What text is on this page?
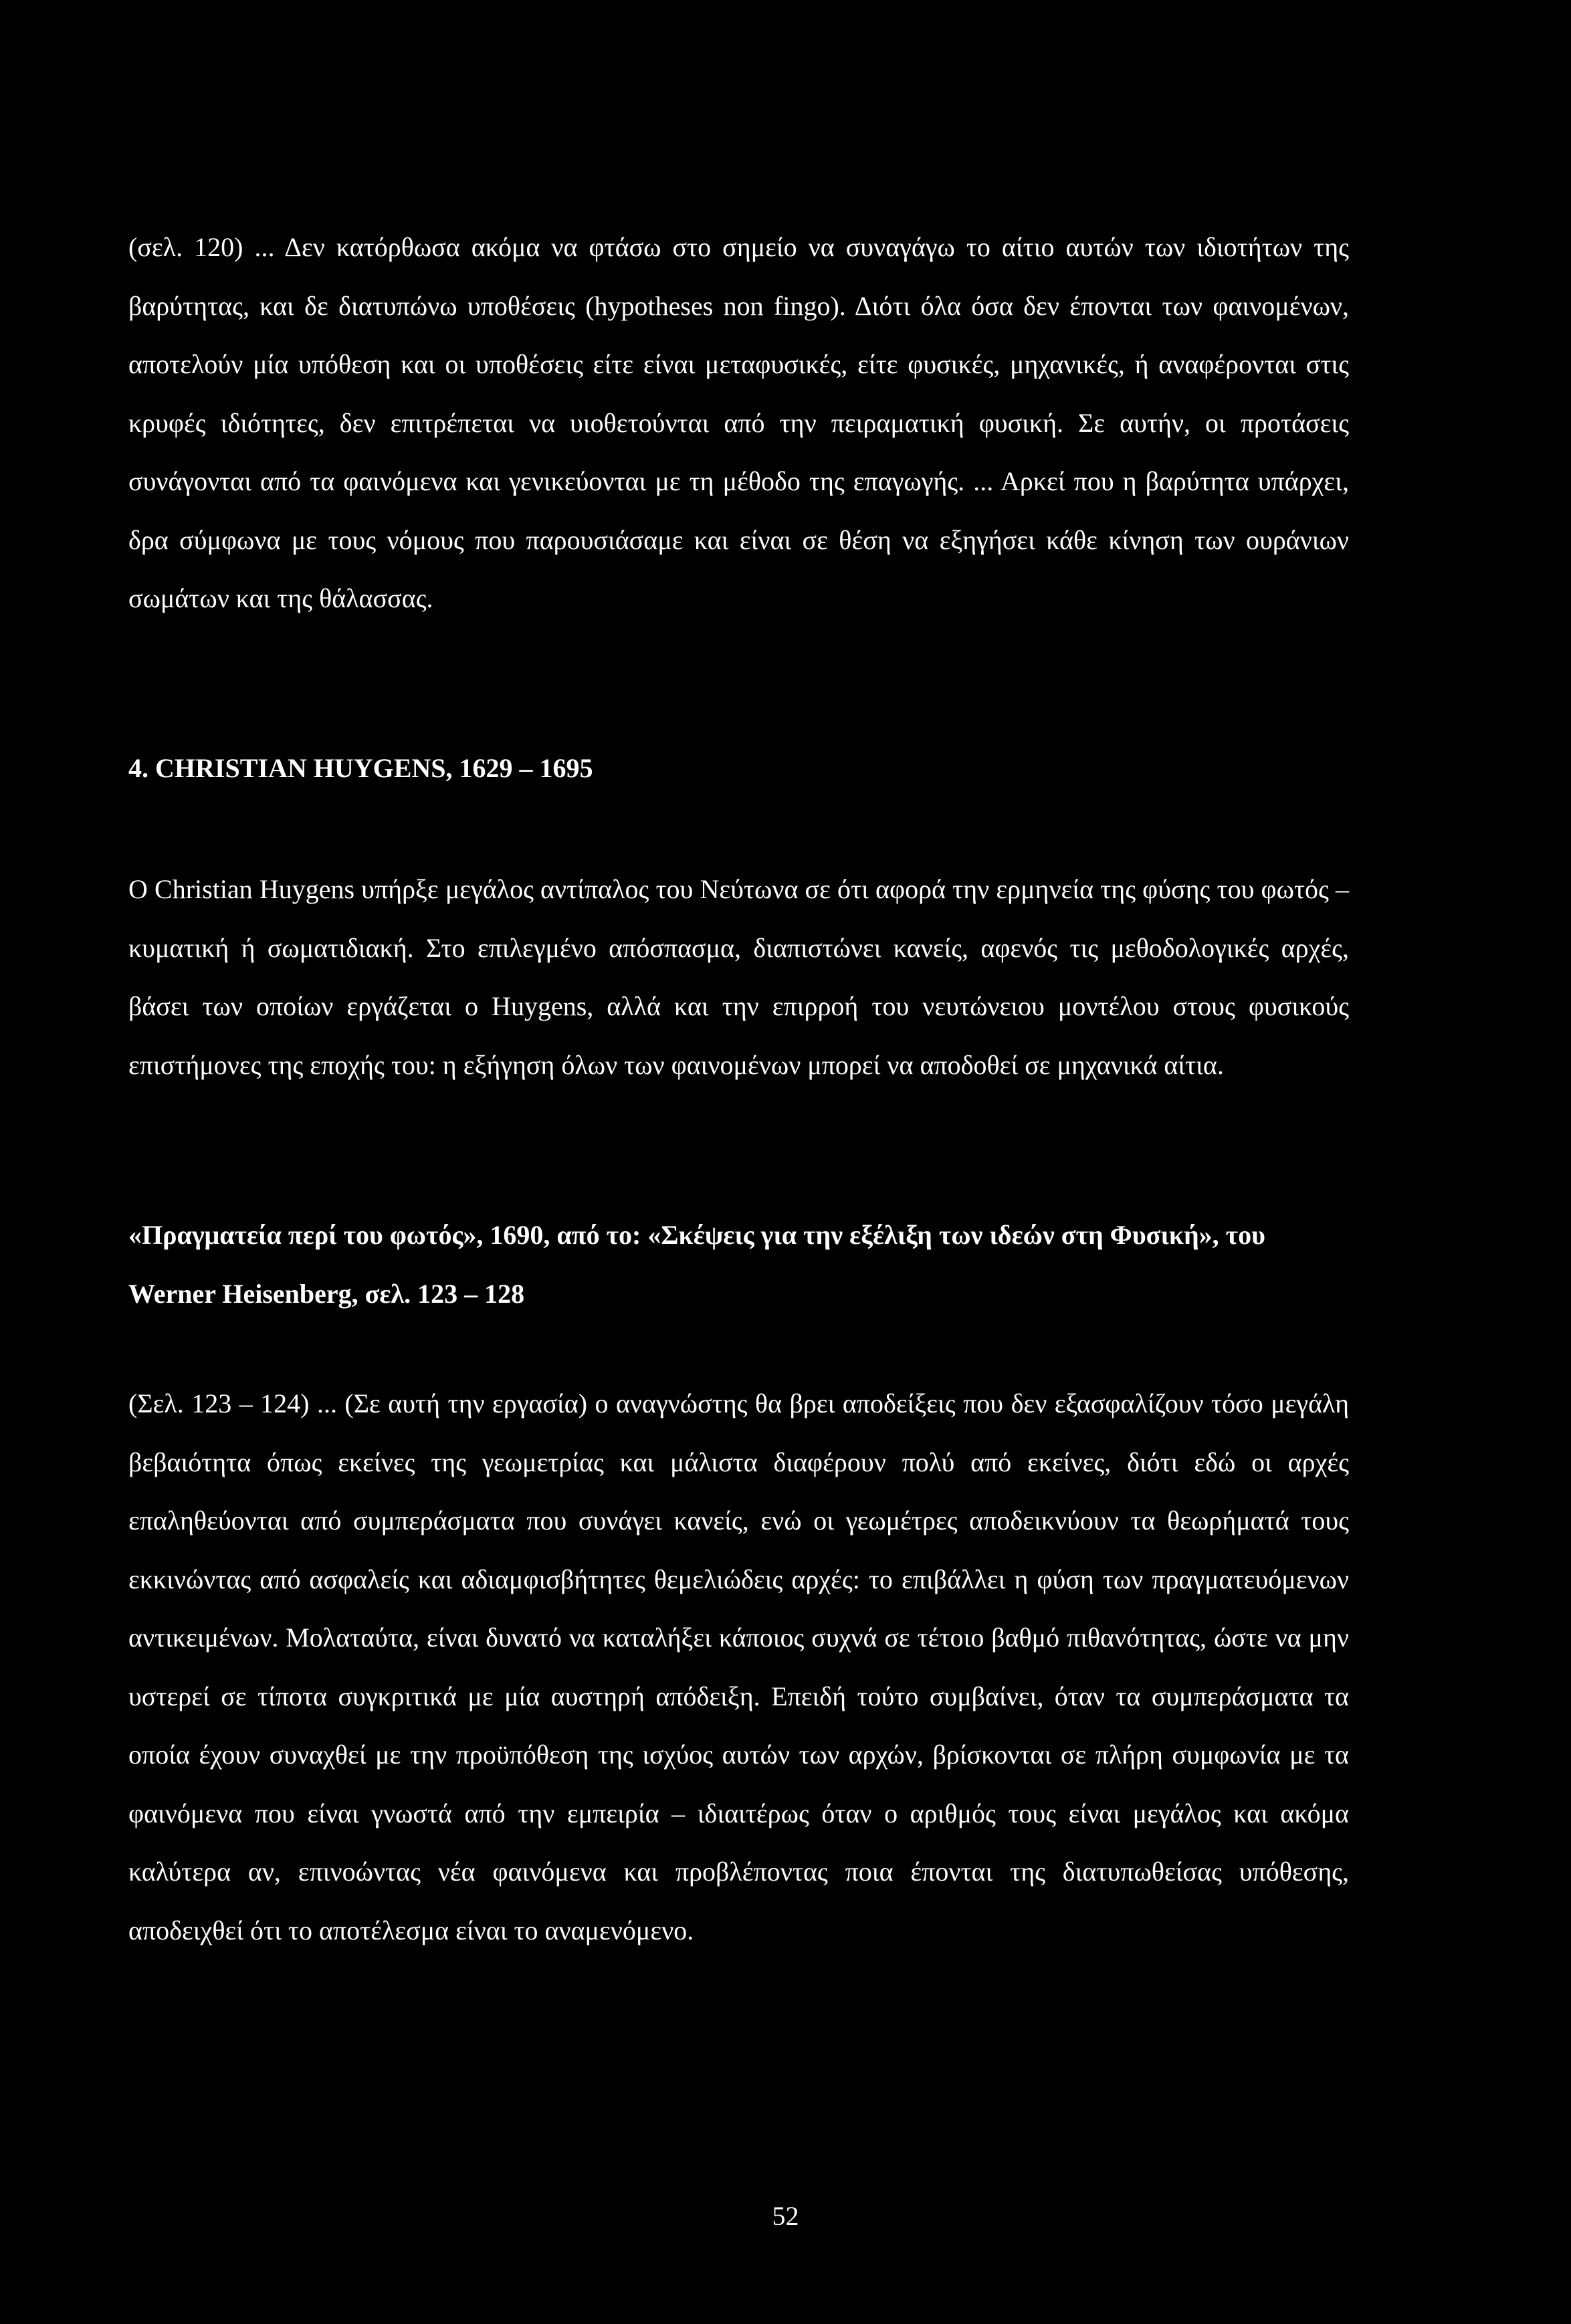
(σελ. 120) ... Δεν κατόρθωσα ακόμα να φτάσω στο σημείο να συναγάγω το αίτιο αυτών των ιδιοτήτων της βαρύτητας, και δε διατυπώνω υποθέσεις (hypotheses non fingo). Διότι όλα όσα δεν έπονται των φαινομένων, αποτελούν μία υπόθεση και οι υποθέσεις είτε είναι μεταφυσικές, είτε φυσικές, μηχανικές, ή αναφέρονται στις κρυφές ιδιότητες, δεν επιτρέπεται να υιοθετούνται από την πειραματική φυσική. Σε αυτήν, οι προτάσεις συνάγονται από τα φαινόμενα και γενικεύονται με τη μέθοδο της επαγωγής. ... Αρκεί που η βαρύτητα υπάρχει, δρα σύμφωνα με τους νόμους που παρουσιάσαμε και είναι σε θέση να εξηγήσει κάθε κίνηση των ουράνιων σωμάτων και της θάλασσας.

4. CHRISTIAN HUYGENS, 1629 – 1695

O Christian Huygens υπήρξε μεγάλος αντίπαλος του Νεύτωνα σε ότι αφορά την ερμηνεία της φύσης του φωτός – κυματική ή σωματιδιακή. Στο επιλεγμένο απόσπασμα, διαπιστώνει κανείς, αφενός τις μεθοδολογικές αρχές, βάσει των οποίων εργάζεται ο Huygens, αλλά και την επιρροή του νευτώνειου μοντέλου στους φυσικούς επιστήμονες της εποχής του: η εξήγηση όλων των φαινομένων μπορεί να αποδοθεί σε μηχανικά αίτια.

«Πραγματεία περί του φωτός», 1690, από το: «Σκέψεις για την εξέλιξη των ιδεών στη Φυσική», του Werner Heisenberg, σελ. 123 – 128

(Σελ. 123 – 124) ... (Σε αυτή την εργασία) ο αναγνώστης θα βρει αποδείξεις που δεν εξασφαλίζουν τόσο μεγάλη βεβαιότητα όπως εκείνες της γεωμετρίας και μάλιστα διαφέρουν πολύ από εκείνες, διότι εδώ οι αρχές επαληθεύονται από συμπεράσματα που συνάγει κανείς, ενώ οι γεωμέτρες αποδεικνύουν τα θεωρήματά τους εκκινώντας από ασφαλείς και αδιαμφισβήτητες θεμελιώδεις αρχές: το επιβάλλει η φύση των πραγματευόμενων αντικειμένων. Μολαταύτα, είναι δυνατό να καταλήξει κάποιος συχνά σε τέτοιο βαθμό πιθανότητας, ώστε να μην υστερεί σε τίποτα συγκριτικά με μία αυστηρή απόδειξη. Επειδή τούτο συμβαίνει, όταν τα συμπεράσματα τα οποία έχουν συναχθεί με την προϋπόθεση της ισχύος αυτών των αρχών, βρίσκονται σε πλήρη συμφωνία με τα φαινόμενα που είναι γνωστά από την εμπειρία – ιδιαιτέρως όταν ο αριθμός τους είναι μεγάλος και ακόμα καλύτερα αν, επινοώντας νέα φαινόμενα και προβλέποντας ποια έπονται της διατυπωθείσας υπόθεσης, αποδειχθεί ότι το αποτέλεσμα είναι το αναμενόμενο.

52
